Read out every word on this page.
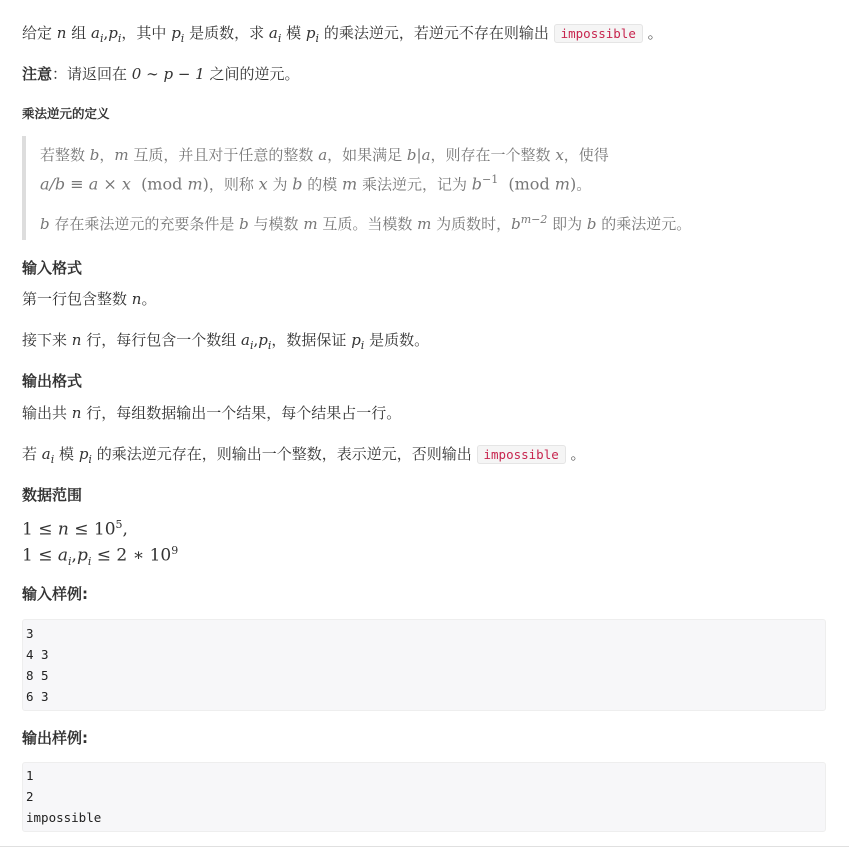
给定 n 组 $a_i,p_i$，其中 $p_i$ 是质数，求 $a_i$ 模 $p_i$ 的乘法逆元，若逆元不存在则输出 impossible 。
注意：请返回在 0 ∼ p − 1 之间的逆元。
乘法逆元的定义
若整数 b，m 互质，并且对于任意的整数 a，如果满足 b|a，则存在一个整数 x，使得
a/b ≡ a × x (mod m)，则称 x 为 b 的模 m 乘法逆元，记为 $b^{-1}$ (mod m)。
b 存在乘法逆元的充要条件是 b 与模数 m 互质。当模数 m 为质数时，$b^{m-2}$ 即为 b 的乘法逆元。
输入格式
第一行包含整数 n。
接下来 n 行，每行包含一个数组 $a_i,p_i$，数据保证 $p_i$ 是质数。
输出格式
输出共 n 行，每组数据输出一个结果，每个结果占一行。
若 $a_i$ 模 $p_i$ 的乘法逆元存在，则输出一个整数，表示逆元，否则输出 impossible 。
数据范围
$1 \le n \le 10^5$,
$1 \le a_i,p_i \le 2$ ∗ $10^9$
输入样例:
3
4 3
8 5
6 3
输出样例:
1
2
impossible
